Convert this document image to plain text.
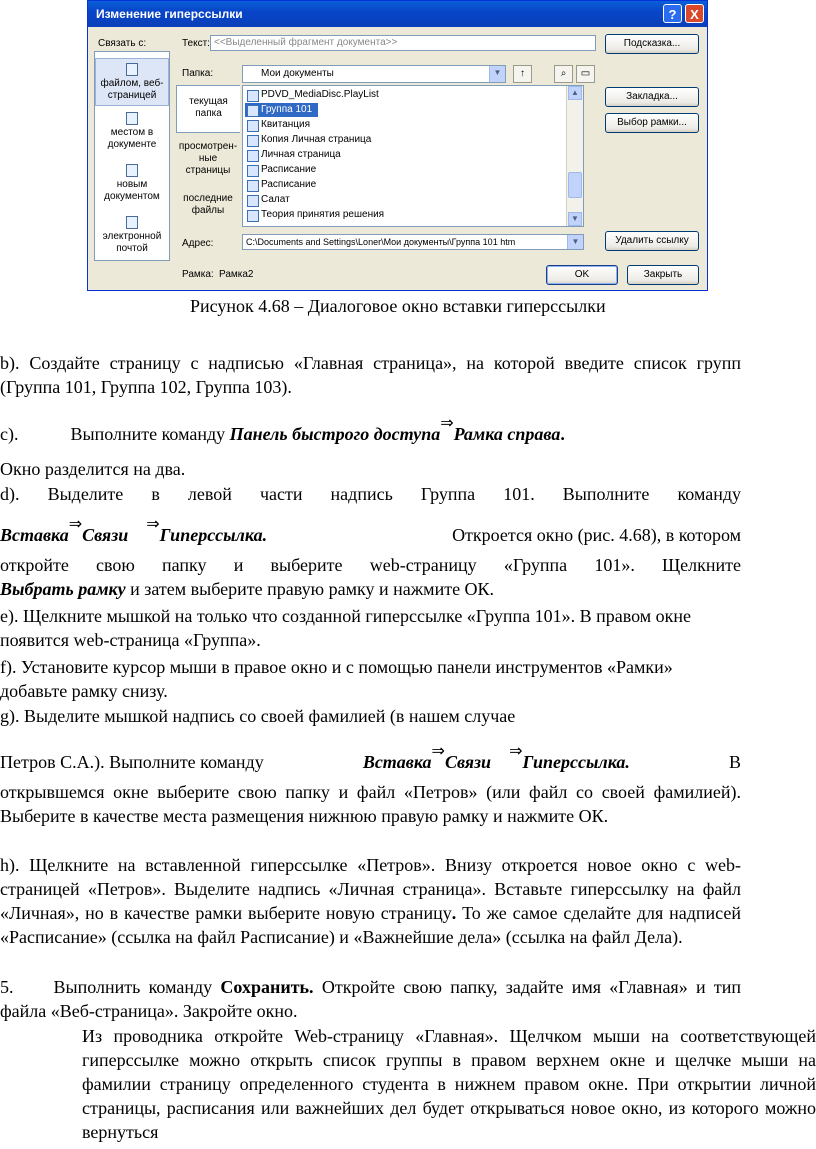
Изменение гиперссылки	?	X
Связать с:
файлом, веб-страницей
местом в документе
новым документом
электронной почтой
Текст: <<Выделенный фрагмент документа>>	Подсказка...
Папка:	Мои документы	▼	↑	⌕	▭
текущая папка
просмотрен-ные страницы
последние файлы
▲
▼
PDVD_MediaDisc.PlayList
Группа 101
Квитанция
Копия Личная страница
Личная страница
Расписание
Расписание
Салат
Теория принятия решения
Закладка...
Выбор рамки...
Адрес:	C:\Documents and Settings\Loner\Мои документы\Группа 101 htm	▼	Удалить ссылку
Рамка: Рамка2	OK	Закрыть
Рисунок 4.68 – Диалоговое окно вставки гиперссылки
b). Создайте страницу с надписью «Главная страница», на которой введите список групп (Группа 101, Группа 102, Группа 103).
c).	Выполните команду Панель быстрого доступа⇒Рамка справа.
Окно разделится на два.
d). Выделите в левой части надпись Группа 101. Выполните команду
Вставка⇒Связи⇒Гиперссылка.	Откроется окно (рис. 4.68), в котором
откройте свою папку и выберите web-страницу «Группа 101». Щелкните
Выбрать рамку и затем выберите правую рамку и нажмите ОК.
e). Щелкните мышкой на только что созданной гиперссылке «Группа 101». В правом окне появится web-страница «Группа».
f). Установите курсор мыши в правое окно и с помощью панели инструментов «Рамки» добавьте рамку снизу.
g). Выделите мышкой надпись со своей фамилией (в нашем случае
Петров С.А.). Выполните команду	Вставка⇒Связи⇒Гиперссылка.	В
открывшемся окне выберите свою папку и файл «Петров» (или файл со своей фамилией). Выберите в качестве места размещения нижнюю правую рамку и нажмите ОК.
h). Щелкните на вставленной гиперссылке «Петров». Внизу откроется новое окно с web-страницей «Петров». Выделите надпись «Личная страница». Вставьте гиперссылку на файл «Личная», но в качестве рамки выберите новую страницу. То же самое сделайте для надписей «Расписание» (ссылка на файл Расписание) и «Важнейшие дела» (ссылка на файл Дела).
5. Выполнить команду Сохранить. Откройте свою папку, задайте имя «Главная» и тип файла «Веб-страница». Закройте окно.
Из проводника откройте Web-страницу «Главная». Щелчком мыши на соответствующей гиперссылке можно открыть список группы в правом верхнем окне и щелчке мыши на фамилии страницу определенного студента в нижнем правом окне. При открытии личной страницы, расписания или важнейших дел будет открываться новое окно, из которого можно вернуться
